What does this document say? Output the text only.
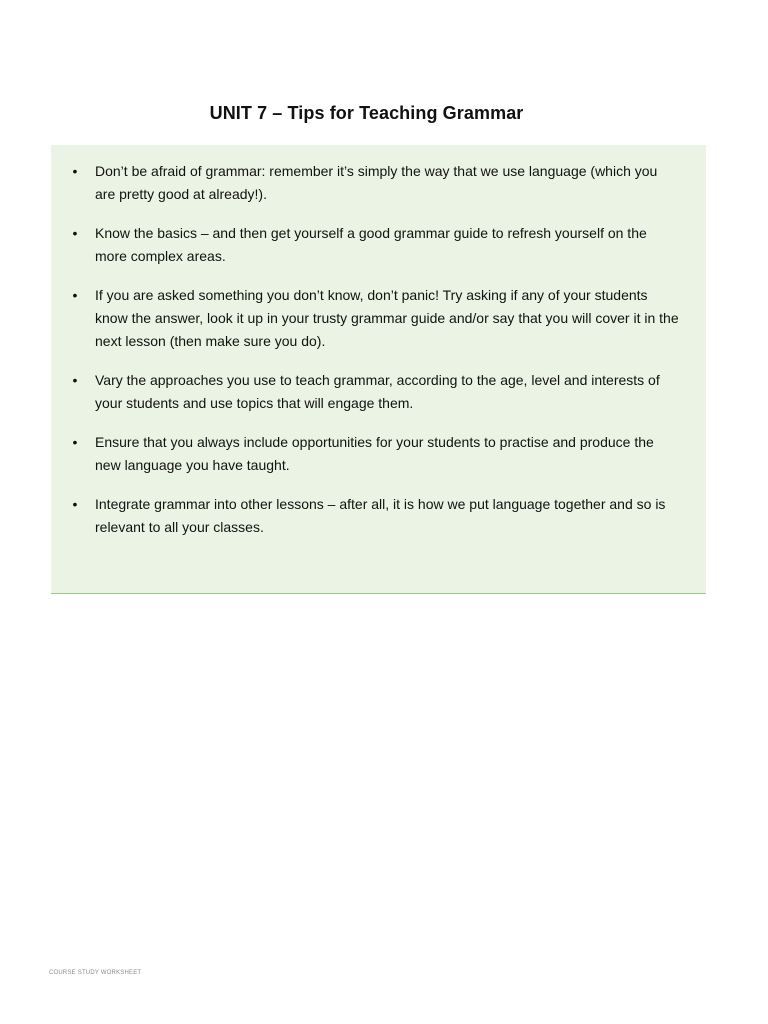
UNIT 7 – Tips for Teaching Grammar
• Don’t be afraid of grammar: remember it’s simply the way that we use language (which you are pretty good at already!).
• Know the basics – and then get yourself a good grammar guide to refresh yourself on the more complex areas.
• If you are asked something you don’t know, don’t panic! Try asking if any of your students know the answer, look it up in your trusty grammar guide and/or say that you will cover it in the next lesson (then make sure you do).
• Vary the approaches you use to teach grammar, according to the age, level and interests of your students and use topics that will engage them.
• Ensure that you always include opportunities for your students to practise and produce the new language you have taught.
• Integrate grammar into other lessons – after all, it is how we put language together and so is relevant to all your classes.
COURSE STUDY WORKSHEET
